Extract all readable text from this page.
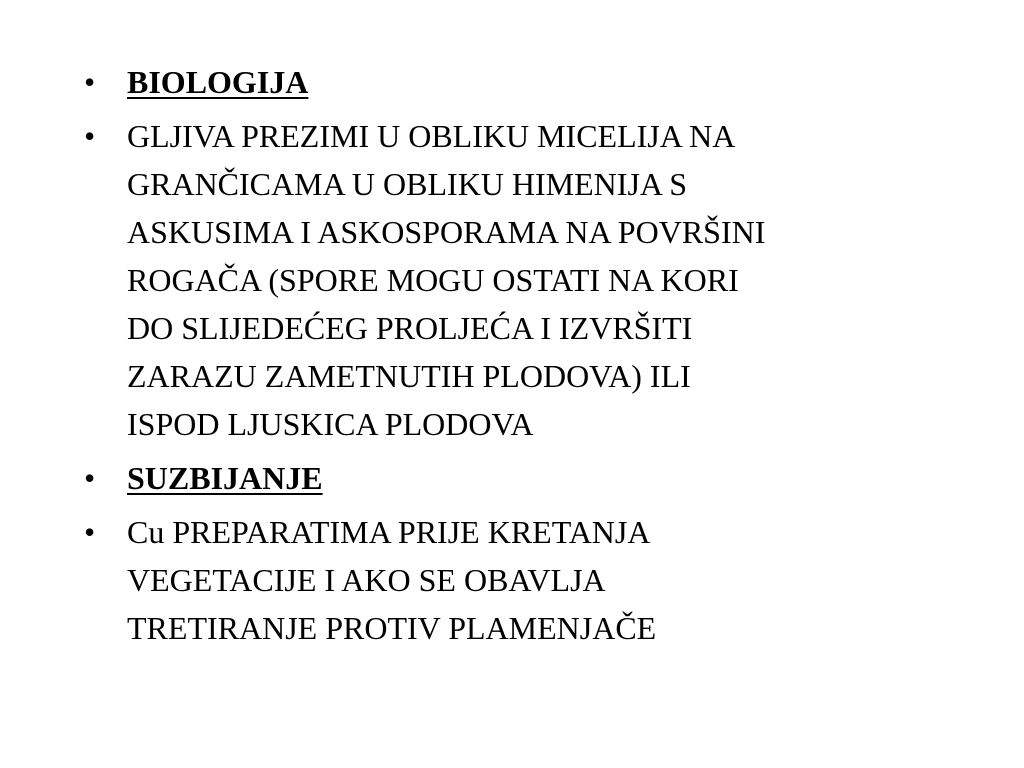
• BIOLOGIJA
• GLJIVA PREZIMI U OBLIKU MICELIJA NA
GRANČICAMA U OBLIKU HIMENIJA S
ASKUSIMA I ASKOSPORAMA NA POVRŠINI
ROGAČA (SPORE MOGU OSTATI NA KORI
DO SLIJEDEĆEG PROLJEĆA I IZVRŠITI
ZARAZU ZAMETNUTIH PLODOVA) ILI
ISPOD LJUSKICA PLODOVA
• SUZBIJANJE
• Cu PREPARATIMA PRIJE KRETANJA
VEGETACIJE I AKO SE OBAVLJA
TRETIRANJE PROTIV PLAMENJAČE
